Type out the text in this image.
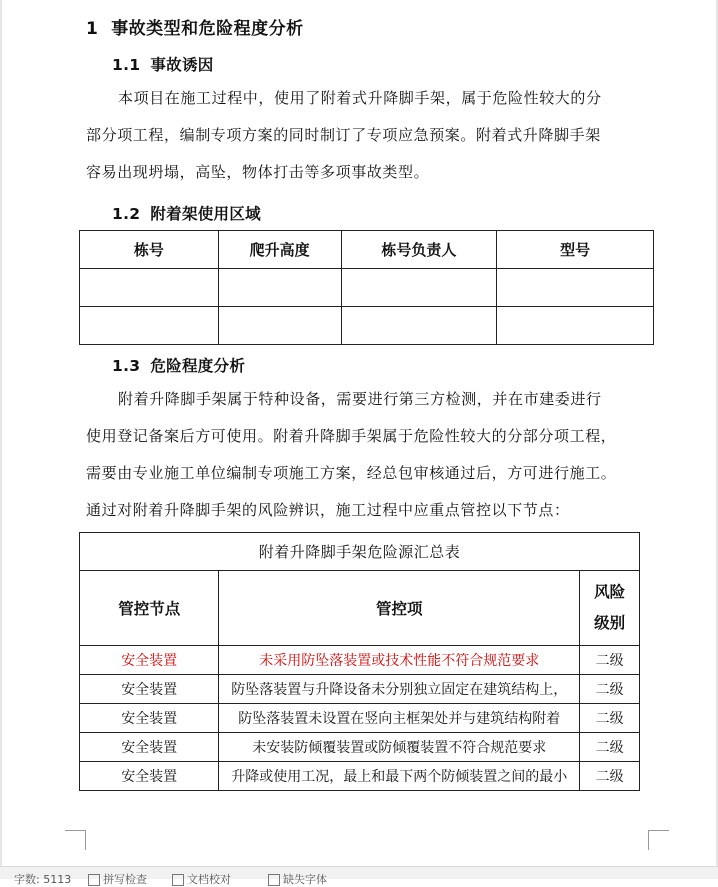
1 事故类型和危险程度分析
1.1 事故诱因
本项目在施工过程中，使用了附着式升降脚手架，属于危险性较大的分
部分项工程，编制专项方案的同时制订了专项应急预案。附着式升降脚手架
容易出现坍塌，高坠，物体打击等多项事故类型。
1.2 附着架使用区域
栋号	爬升高度	栋号负责人	型号

1.3 危险程度分析
附着升降脚手架属于特种设备，需要进行第三方检测，并在市建委进行
使用登记备案后方可使用。附着升降脚手架属于危险性较大的分部分项工程，
需要由专业施工单位编制专项施工方案，经总包审核通过后，方可进行施工。
通过对附着升降脚手架的风险辨识，施工过程中应重点管控以下节点：
附着升降脚手架危险源汇总表		
管控节点	管控项	风险
级别
安全装置	未采用防坠落装置或技术性能不符合规范要求	二级
安全装置	防坠落装置与升降设备未分别独立固定在建筑结构上，	二级
安全装置	防坠落装置未设置在竖向主框架处并与建筑结构附着	二级
安全装置	未安装防倾覆装置或防倾覆装置不符合规范要求	二级
安全装置	升降或使用工况，最上和最下两个防倾装置之间的最小	二级
字数: 5113	拼写检查	文档校对	缺失字体
